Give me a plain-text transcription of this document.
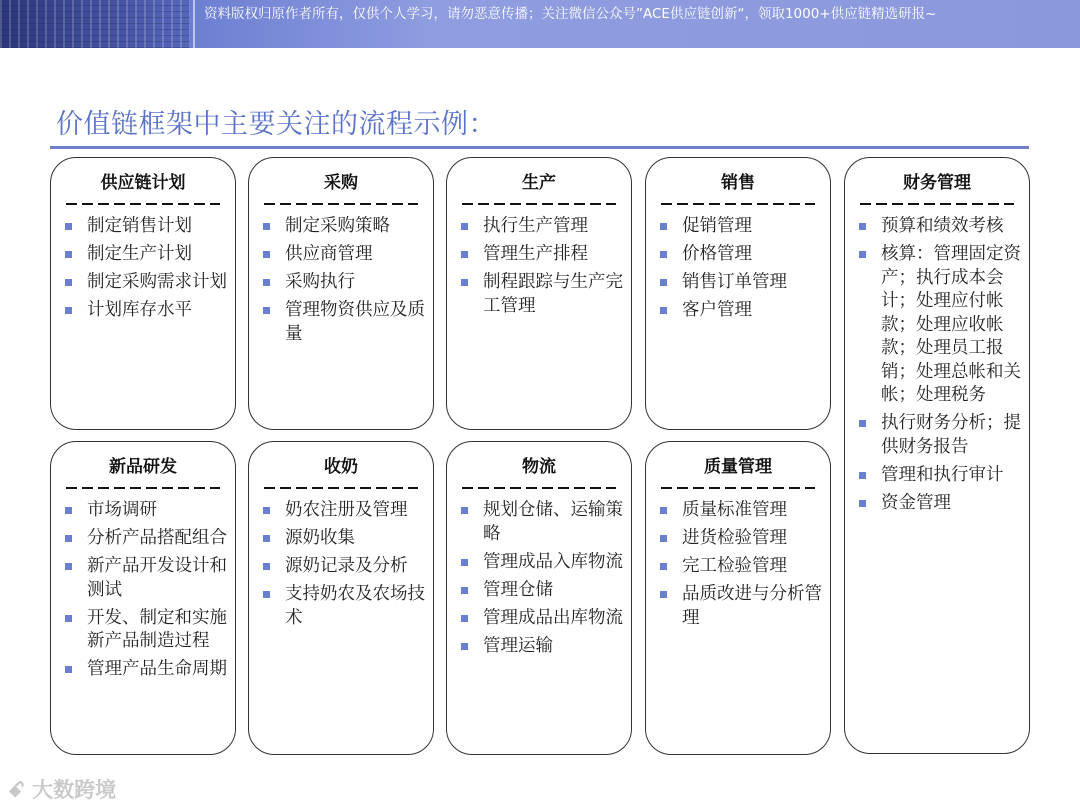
资料版权归原作者所有，仅供个人学习，请勿恶意传播；关注微信公众号”ACE供应链创新“，领取1000+供应链精选研报~
价值链框架中主要关注的流程示例：
供应链计划
制定销售计划
制定生产计划
制定采购需求计划
计划库存水平
采购
制定采购策略
供应商管理
采购执行
管理物资供应及质量
生产
执行生产管理
管理生产排程
制程跟踪与生产完工管理
销售
促销管理
价格管理
销售订单管理
客户管理
财务管理
预算和绩效考核
核算：管理固定资产；执行成本会计；处理应付帐款；处理应收帐款；处理员工报销；处理总帐和关帐；处理税务
执行财务分析；提供财务报告
管理和执行审计
资金管理
新品研发
市场调研
分析产品搭配组合
新产品开发设计和测试
开发、制定和实施新产品制造过程
管理产品生命周期
收奶
奶农注册及管理
源奶收集
源奶记录及分析
支持奶农及农场技术
物流
规划仓储、运输策略
管理成品入库物流
管理仓储
管理成品出库物流
管理运输
质量管理
质量标准管理
进货检验管理
完工检验管理
品质改进与分析管理
ꗃ 大数跨境
